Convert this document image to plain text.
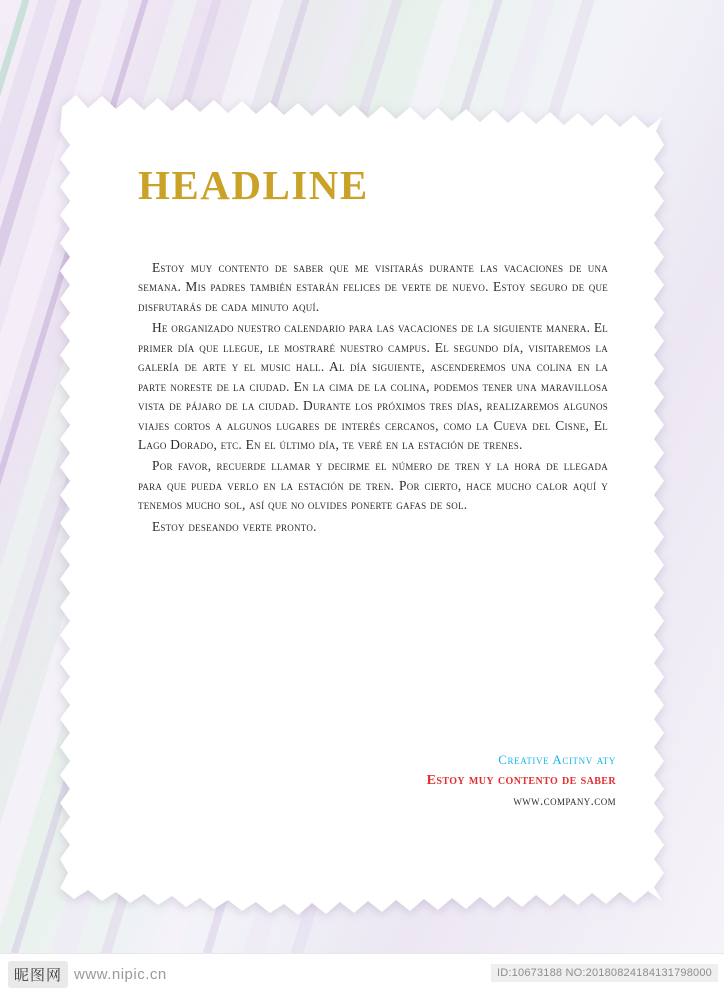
HEADLINE

Estoy muy contento de saber que me visitarás durante las vacaciones de una semana. Mis padres también estarán felices de verte de nuevo. Estoy seguro de que disfrutarás de cada minuto aquí.

He organizado nuestro calendario para las vacaciones de la siguiente manera. El primer día que llegue, le mostraré nuestro campus. El segundo día, visitaremos la galería de arte y el music hall. Al día siguiente, ascenderemos una colina en la parte noreste de la ciudad. En la cima de la colina, podemos tener una maravillosa vista de pájaro de la ciudad. Durante los próximos tres días, realizaremos algunos viajes cortos a algunos lugares de interés cercanos, como la Cueva del Cisne, El Lago Dorado, etc. En el último día, te veré en la estación de trenes.

Por favor, recuerde llamar y decirme el número de tren y la hora de llegada para que pueda verlo en la estación de tren. Por cierto, hace mucho calor aquí y tenemos mucho sol, así que no olvides ponerte gafas de sol.

Estoy deseando verte pronto.

Creative Acitnv aty
Estoy muy contento de saber
www.company.com
昵图网 www.nipic.cn	ID:10673188 NO:20180824184131798000
